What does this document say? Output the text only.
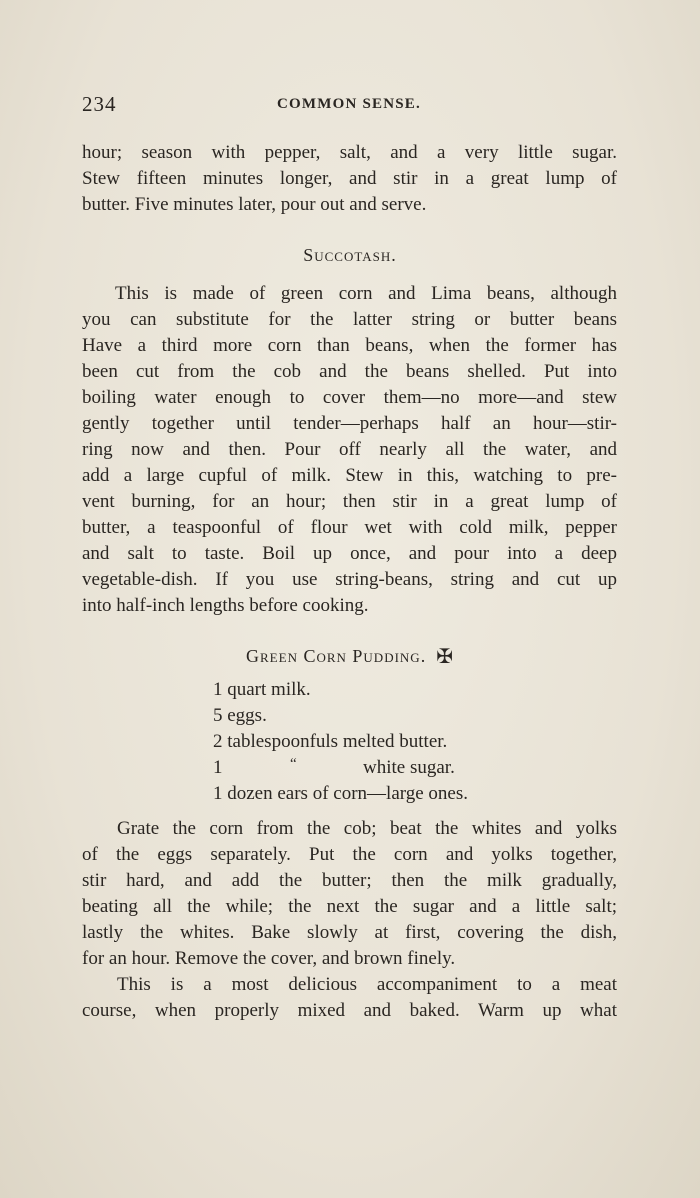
234	COMMON SENSE.
hour; season with pepper, salt, and a very little sugar.
Stew fifteen minutes longer, and stir in a great lump of
butter. Five minutes later, pour out and serve.
Succotash.
This is made of green corn and Lima beans, although
you can substitute for the latter string or butter beans
Have a third more corn than beans, when the former has
been cut from the cob and the beans shelled. Put into
boiling water enough to cover them—no more—and stew
gently together until tender—perhaps half an hour—stir-
ring now and then. Pour off nearly all the water, and
add a large cupful of milk. Stew in this, watching to pre-
vent burning, for an hour; then stir in a great lump of
butter, a teaspoonful of flour wet with cold milk, pepper
and salt to taste. Boil up once, and pour into a deep
vegetable-dish. If you use string-beans, string and cut up
into half-inch lengths before cooking.
Green Corn Pudding. ✠
1 quart milk.
5 eggs.
2 tablespoonfuls melted butter.
1	“	white sugar.
1 dozen ears of corn—large ones.
Grate the corn from the cob; beat the whites and yolks
of the eggs separately. Put the corn and yolks together,
stir hard, and add the butter; then the milk gradually,
beating all the while; the next the sugar and a little salt;
lastly the whites. Bake slowly at first, covering the dish,
for an hour. Remove the cover, and brown finely.
This is a most delicious accompaniment to a meat
course, when properly mixed and baked. Warm up what
